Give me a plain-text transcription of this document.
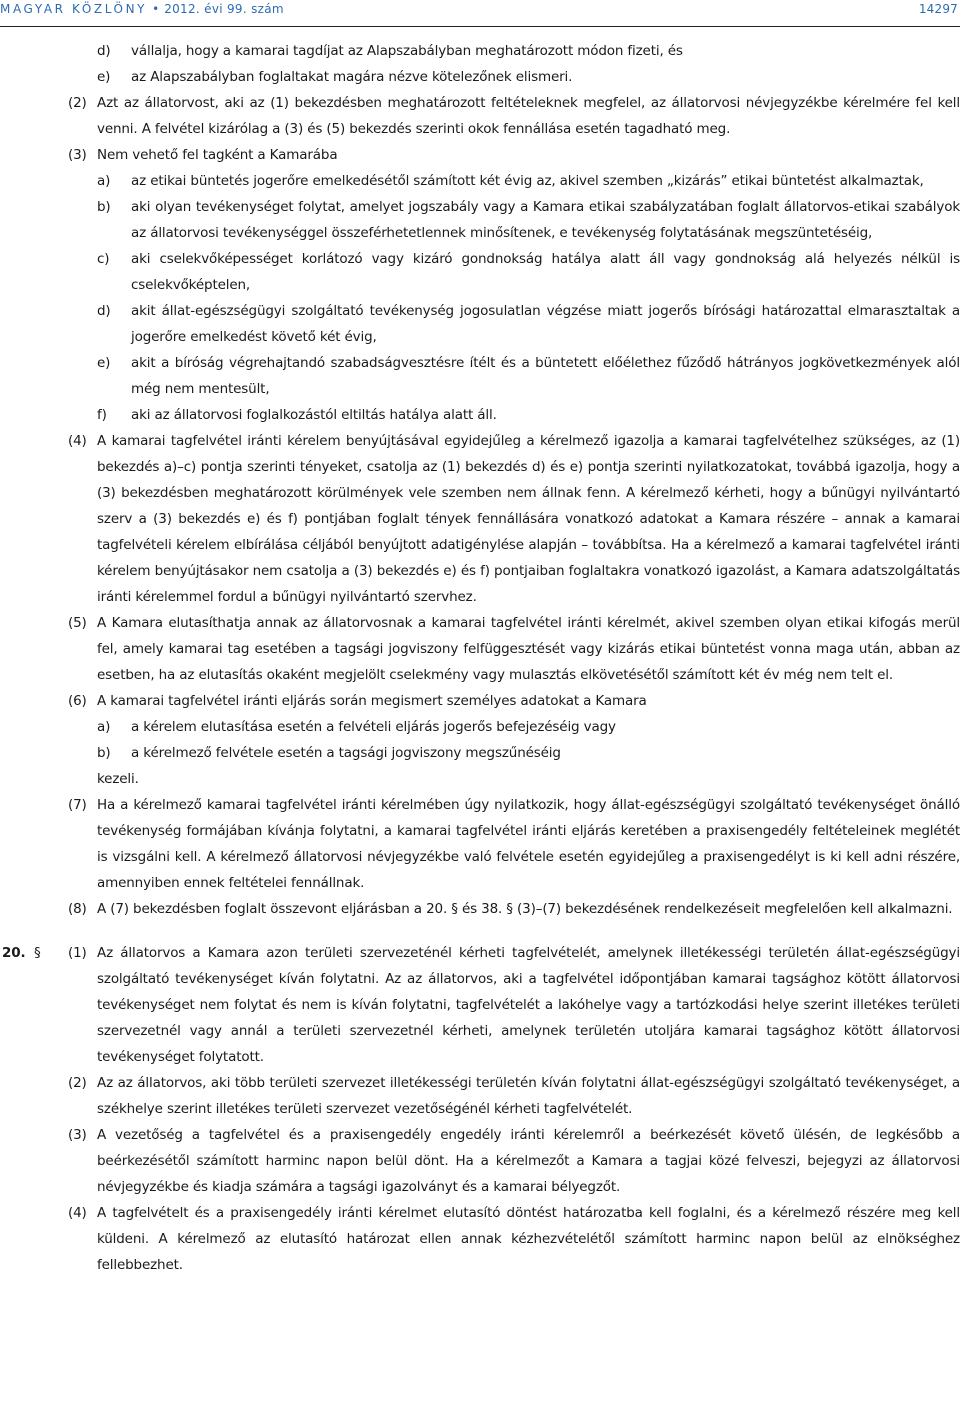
MAGYAR KÖZLÖNY • 2012. évi 99. szám	14297
d) vállalja, hogy a kamarai tagdíjat az Alapszabályban meghatározott módon fizeti, és
e) az Alapszabályban foglaltakat magára nézve kötelezőnek elismeri.
(2) Azt az állatorvost, aki az (1) bekezdésben meghatározott feltételeknek megfelel, az állatorvosi névjegyzékbe kérelmére fel kell venni. A felvétel kizárólag a (3) és (5) bekezdés szerinti okok fennállása esetén tagadható meg.
(3) Nem vehető fel tagként a Kamarába
a) az etikai büntetés jogerőre emelkedésétől számított két évig az, akivel szemben „kizárás” etikai büntetést alkalmaztak,
b) aki olyan tevékenységet folytat, amelyet jogszabály vagy a Kamara etikai szabályzatában foglalt állatorvos-etikai szabályok az állatorvosi tevékenységgel összeférhetetlennek minősítenek, e tevékenység folytatásának megszüntetéséig,
c) aki cselekvőképességet korlátozó vagy kizáró gondnokság hatálya alatt áll vagy gondnokság alá helyezés nélkül is cselekvőképtelen,
d) akit állat-egészségügyi szolgáltató tevékenység jogosulatlan végzése miatt jogerős bírósági határozattal elmarasztaltak a jogerőre emelkedést követő két évig,
e) akit a bíróság végrehajtandó szabadságvesztésre ítélt és a büntetett előélethez fűződő hátrányos jogkövetkezmények alól még nem mentesült,
f) aki az állatorvosi foglalkozástól eltiltás hatálya alatt áll.
(4) A kamarai tagfelvétel iránti kérelem benyújtásával egyidejűleg a kérelmező igazolja a kamarai tagfelvételhez szükséges, az (1) bekezdés a)–c) pontja szerinti tényeket, csatolja az (1) bekezdés d) és e) pontja szerinti nyilatkozatokat, továbbá igazolja, hogy a (3) bekezdésben meghatározott körülmények vele szemben nem állnak fenn. A kérelmező kérheti, hogy a bűnügyi nyilvántartó szerv a (3) bekezdés e) és f) pontjában foglalt tények fennállására vonatkozó adatokat a Kamara részére – annak a kamarai tagfelvételi kérelem elbírálása céljából benyújtott adatigénylése alapján – továbbítsa. Ha a kérelmező a kamarai tagfelvétel iránti kérelem benyújtásakor nem csatolja a (3) bekezdés e) és f) pontjaiban foglaltakra vonatkozó igazolást, a Kamara adatszolgáltatás iránti kérelemmel fordul a bűnügyi nyilvántartó szervhez.
(5) A Kamara elutasíthatja annak az állatorvosnak a kamarai tagfelvétel iránti kérelmét, akivel szemben olyan etikai kifogás merül fel, amely kamarai tag esetében a tagsági jogviszony felfüggesztését vagy kizárás etikai büntetést vonna maga után, abban az esetben, ha az elutasítás okaként megjelölt cselekmény vagy mulasztás elkövetésétől számított két év még nem telt el.
(6) A kamarai tagfelvétel iránti eljárás során megismert személyes adatokat a Kamara
a) a kérelem elutasítása esetén a felvételi eljárás jogerős befejezéséig vagy
b) a kérelmező felvétele esetén a tagsági jogviszony megszűnéséig
kezeli.
(7) Ha a kérelmező kamarai tagfelvétel iránti kérelmében úgy nyilatkozik, hogy állat-egészségügyi szolgáltató tevékenységet önálló tevékenység formájában kívánja folytatni, a kamarai tagfelvétel iránti eljárás keretében a praxisengedély feltételeinek meglétét is vizsgálni kell. A kérelmező állatorvosi névjegyzékbe való felvétele esetén egyidejűleg a praxisengedélyt is ki kell adni részére, amennyiben ennek feltételei fennállnak.
(8) A (7) bekezdésben foglalt összevont eljárásban a 20. § és 38. § (3)–(7) bekezdésének rendelkezéseit megfelelően kell alkalmazni.
20. § (1) Az állatorvos a Kamara azon területi szervezeténél kérheti tagfelvételét, amelynek illetékességi területén állat-egészségügyi szolgáltató tevékenységet kíván folytatni. Az az állatorvos, aki a tagfelvétel időpontjában kamarai tagsághoz kötött állatorvosi tevékenységet nem folytat és nem is kíván folytatni, tagfelvételét a lakóhelye vagy a tartózkodási helye szerint illetékes területi szervezetnél vagy annál a területi szervezetnél kérheti, amelynek területén utoljára kamarai tagsághoz kötött állatorvosi tevékenységet folytatott.
(2) Az az állatorvos, aki több területi szervezet illetékességi területén kíván folytatni állat-egészségügyi szolgáltató tevékenységet, a székhelye szerint illetékes területi szervezet vezetőségénél kérheti tagfelvételét.
(3) A vezetőség a tagfelvétel és a praxisengedély engedély iránti kérelemről a beérkezését követő ülésén, de legkésőbb a beérkezésétől számított harminc napon belül dönt. Ha a kérelmezőt a Kamara a tagjai közé felveszi, bejegyzi az állatorvosi névjegyzékbe és kiadja számára a tagsági igazolványt és a kamarai bélyegzőt.
(4) A tagfelvételt és a praxisengedély iránti kérelmet elutasító döntést határozatba kell foglalni, és a kérelmező részére meg kell küldeni. A kérelmező az elutasító határozat ellen annak kézhezvételétől számított harminc napon belül az elnökséghez fellebbezhet.
